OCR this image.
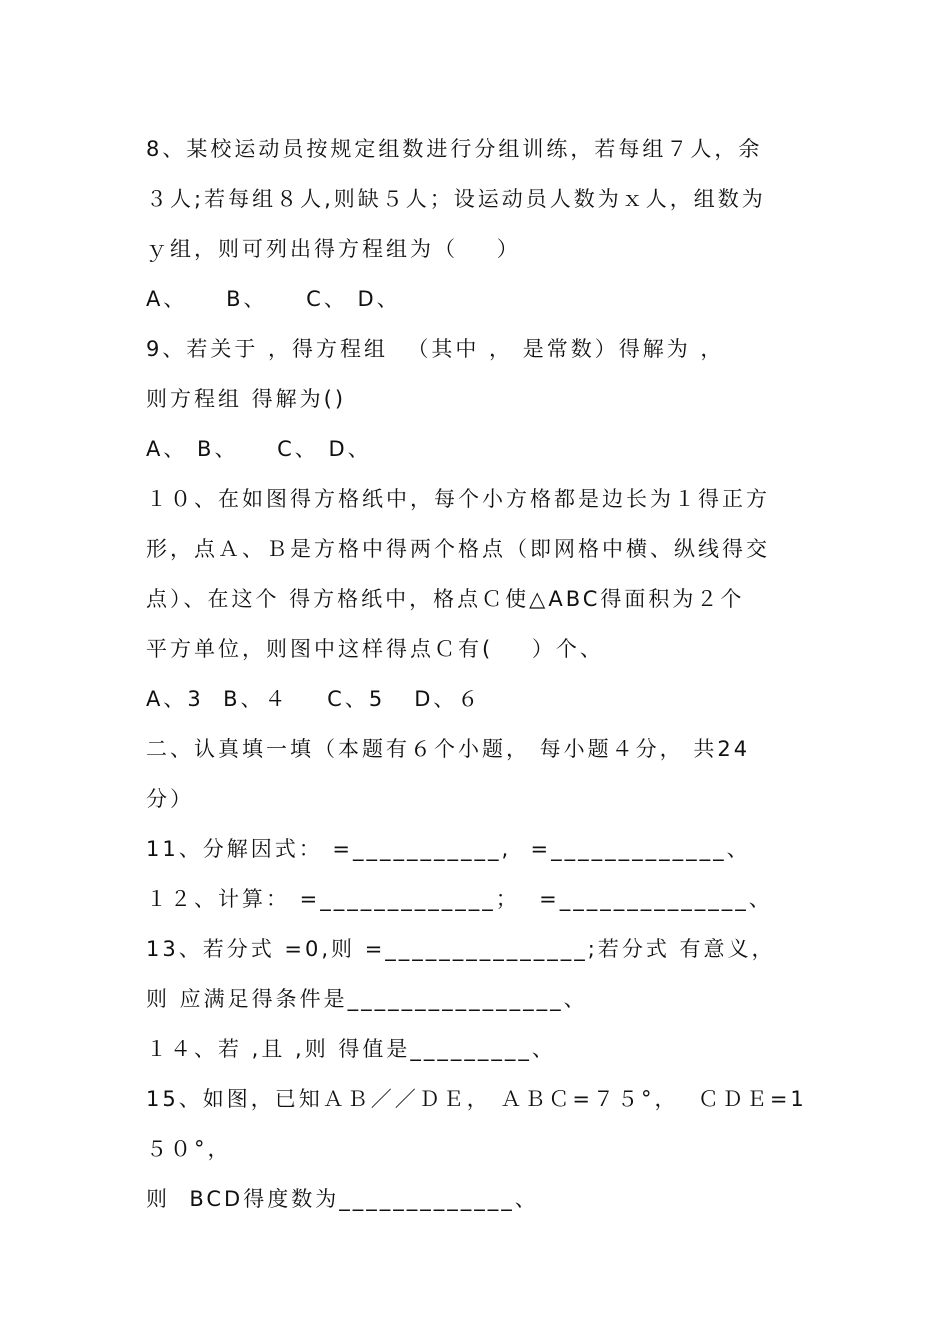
8、某校运动员按规定组数进行分组训练，若每组７人，余
３人;若每组８人,则缺５人；设运动员人数为ｘ人，组数为
ｙ组，则可列出得方程组为（    ）
A、    B、    C、 D、
9、若关于 ，得方程组  （其中 ， 是常数）得解为 ，
则方程组 得解为()
A、 B、    C、 D、
１０、在如图得方格纸中，每个小方格都是边长为１得正方
形，点Ａ、Ｂ是方格中得两个格点（即网格中横、纵线得交
点）、在这个 得方格纸中，格点Ｃ使△ABC得面积为２个
平方单位，则图中这样得点Ｃ有(    ）个、
A、3  B、４    C、5   D、６
二、认真填一填（本题有６个小题， 每小题４分， 共24
分）
11、分解因式： =___________,  =_____________、
１２、计算： =_____________；  =______________、
13、若分式 =0,则 =_______________;若分式 有意义，
则 应满足得条件是________________、
１４、若 ,且 ,则 得值是_________、
15、如图，已知ＡＢ／／ＤＥ， ＡＢＣ=７５°，  ＣＤＥ=1
５０°，
则  BCD得度数为_____________、
